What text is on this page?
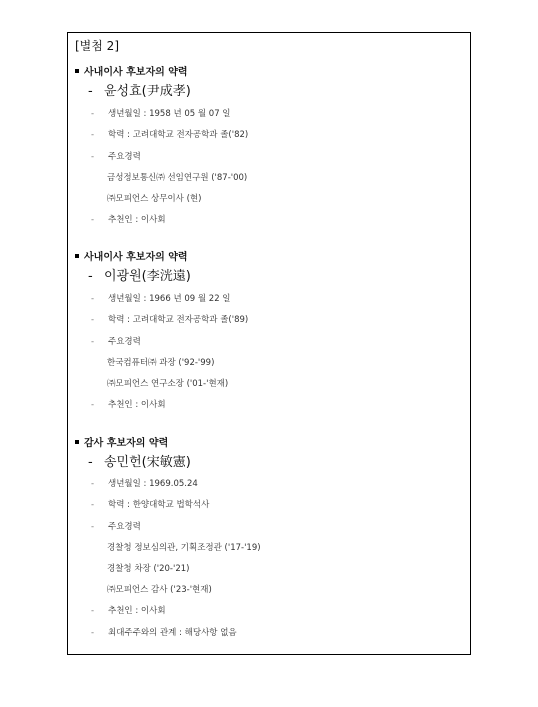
[별첨 2]
사내이사 후보자의 약력
- 윤성효(尹成孝)
- 생년월일 : 1958 년 05 월 07 일
- 학력 : 고려대학교 전자공학과 졸('82)
- 주요경력
금성정보통신㈜ 선임연구원 ('87-'00)
㈜모피언스 상무이사 (현)
- 추천인 : 이사회
사내이사 후보자의 약력
- 이광원(李洸遠)
- 생년월일 : 1966 년 09 월 22 일
- 학력 : 고려대학교 전자공학과 졸('89)
- 주요경력
한국컴퓨터㈜ 과장 ('92-'99)
㈜모피언스 연구소장 ('01-'현재)
- 추천인 : 이사회
감사 후보자의 약력
- 송민헌(宋敏憲)
- 생년월일 : 1969.05.24
- 학력 : 한양대학교 법학석사
- 주요경력
경찰청 정보심의관, 기획조정관 ('17-'19)
경찰청 차장 ('20-'21)
㈜모피언스 감사 ('23-'현재)
- 추천인 : 이사회
- 최대주주와의 관계 : 해당사항 없음
